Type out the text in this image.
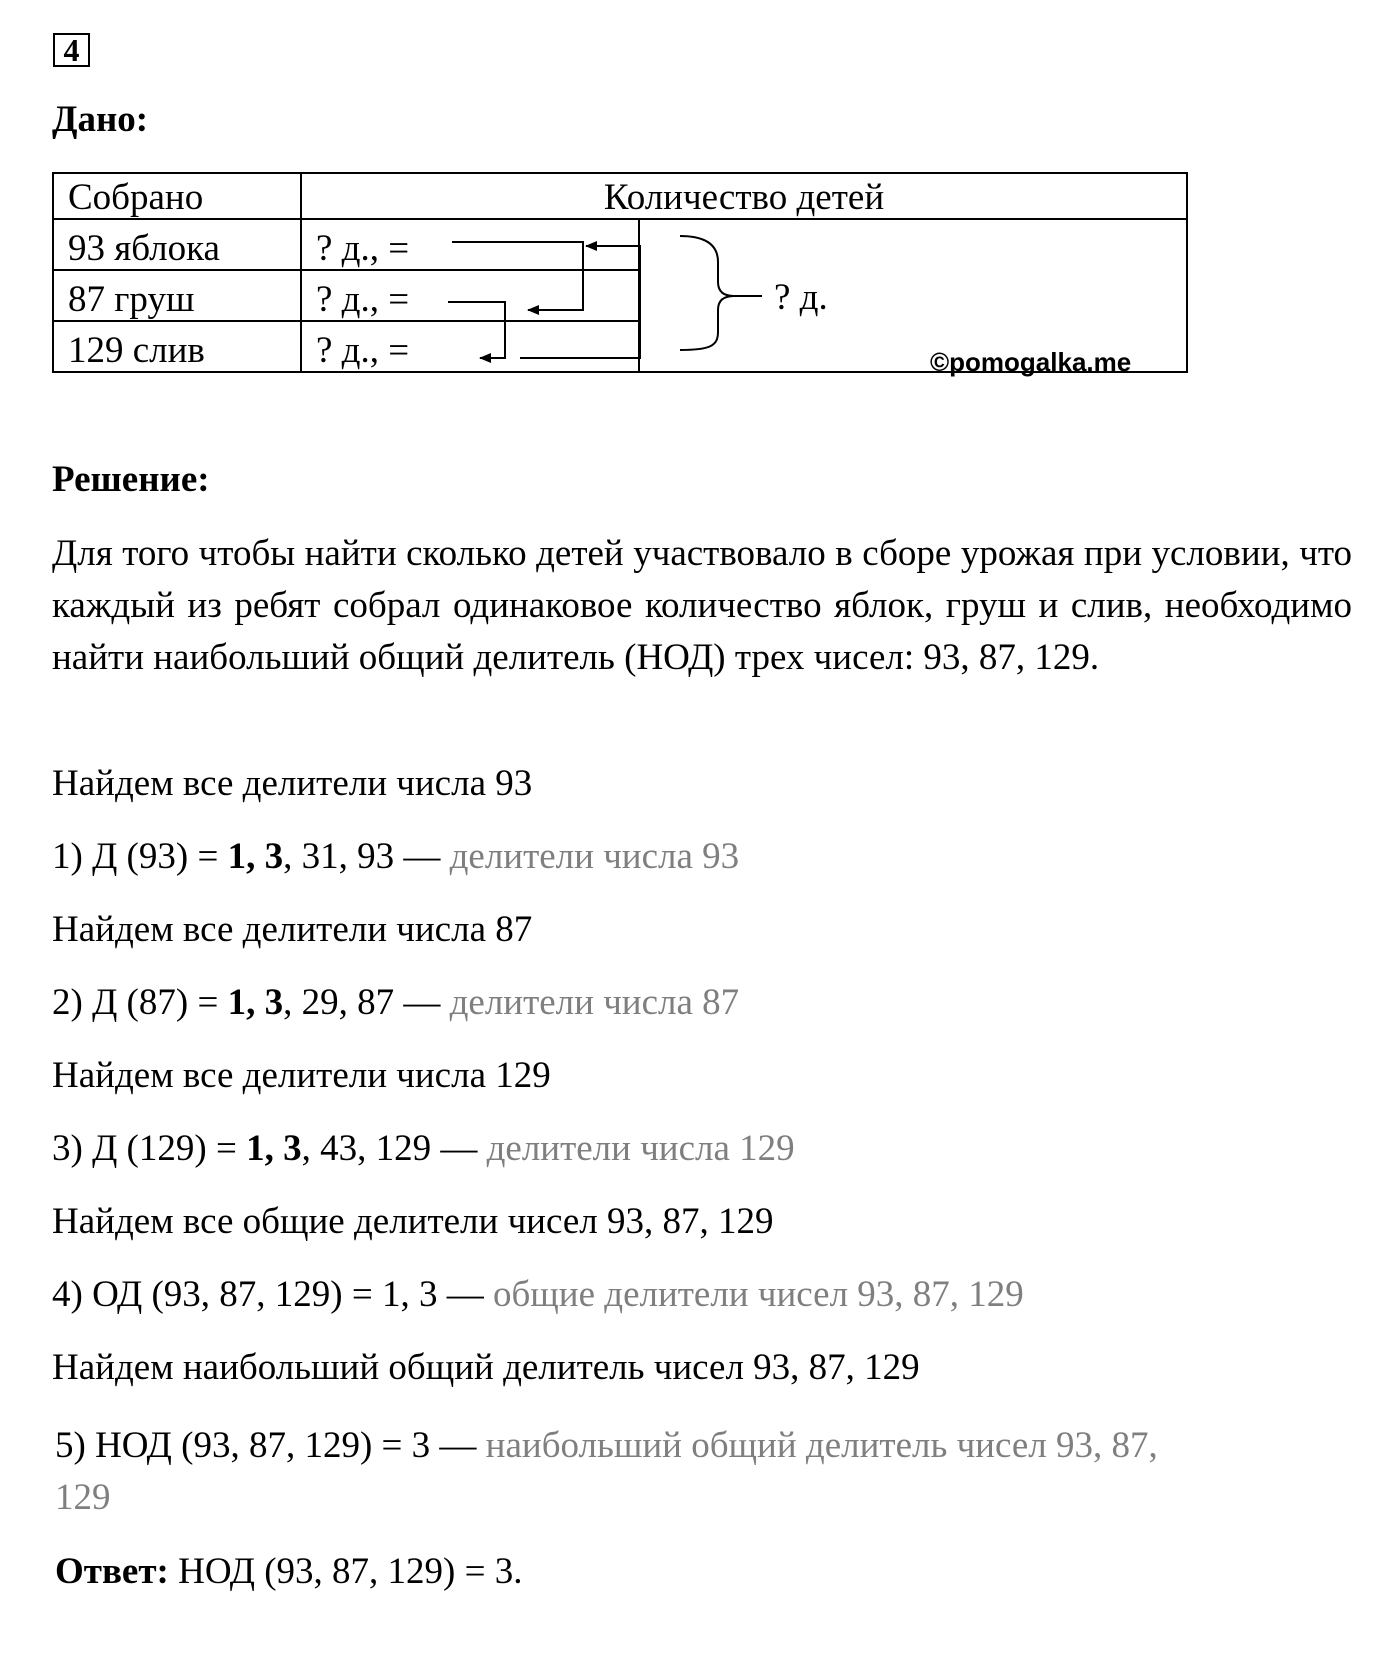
4
Дано:
Собрано	Количество детей	
93 яблока	? д., =	
87 груш	? д., =	
129 слив	? д., =	
? д.
©pomogalka.me
Решение:

Для того чтобы найти сколько детей участвовало в сборе урожая при условии, что каждый из ребят собрал одинаковое количество яблок, груш и слив, необходимо найти наибольший общий делитель (НОД) трех чисел: 93, 87, 129.

Найдем все делители числа 93
1) Д (93) = 1, 3, 31, 93 — делители числа 93
Найдем все делители числа 87
2) Д (87) = 1, 3, 29, 87 — делители числа 87
Найдем все делители числа 129
3) Д (129) = 1, 3, 43, 129 — делители числа 129
Найдем все общие делители чисел 93, 87, 129
4) ОД (93, 87, 129) = 1, 3 — общие делители чисел 93, 87, 129
Найдем наибольший общий делитель чисел 93, 87, 129
5) НОД (93, 87, 129) = 3 — наибольший общий делитель чисел 93, 87,
129
Ответ: НОД (93, 87, 129) = 3.
